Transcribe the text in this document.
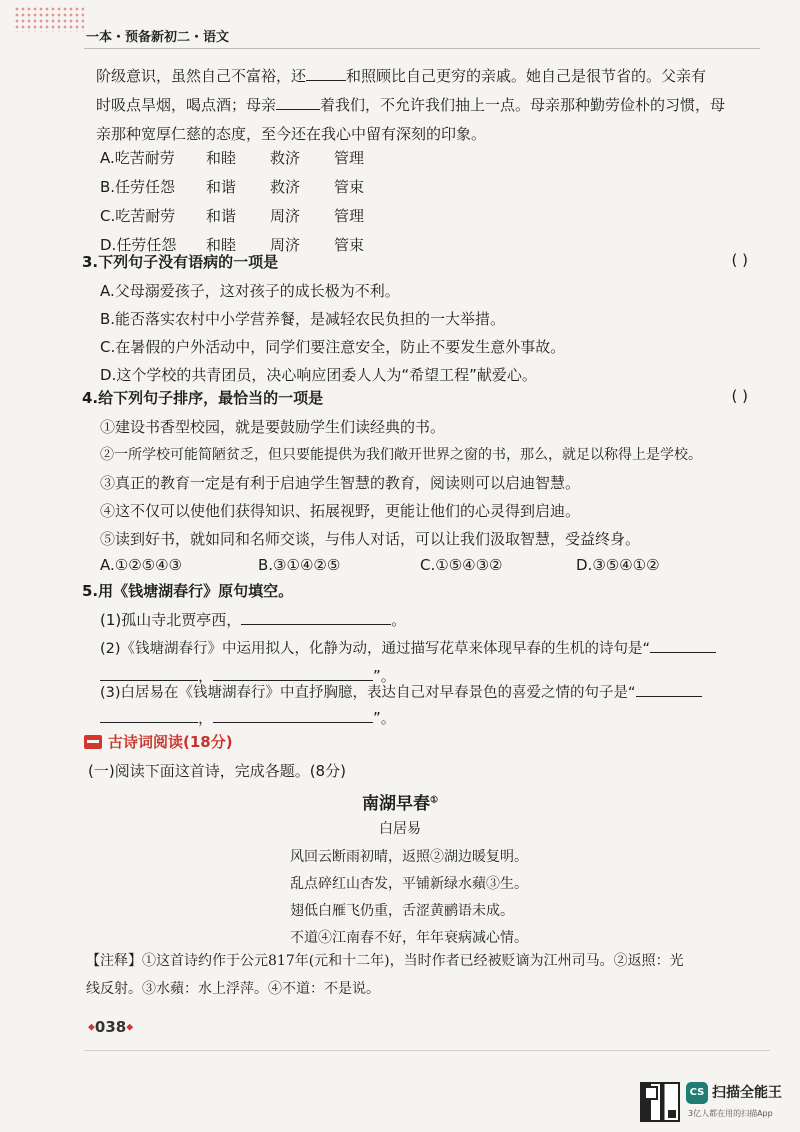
一本・预备新初二・语文
阶级意识，虽然自己不富裕，还	和照顾比自己更穷的亲戚。她自己是很节省的。父亲有
时吸点旱烟，喝点酒；母亲	着我们，不允许我们抽上一点。母亲那种勤劳俭朴的习惯，母
亲那种宽厚仁慈的态度，至今还在我心中留有深刻的印象。
A.吃苦耐劳	和睦	救济	管理
B.任劳任怨	和谐	救济	管束
C.吃苦耐劳	和谐	周济	管理
D.任劳任怨	和睦	周济	管束
3.下列句子没有语病的一项是	( )
A.父母溺爱孩子，这对孩子的成长极为不利。
B.能否落实农村中小学营养餐，是减轻农民负担的一大举措。
C.在暑假的户外活动中，同学们要注意安全，防止不要发生意外事故。
D.这个学校的共青团员，决心响应团委人人为“希望工程”献爱心。
4.给下列句子排序，最恰当的一项是	( )
①建设书香型校园，就是要鼓励学生们读经典的书。
②一所学校可能简陋贫乏，但只要能提供为我们敞开世界之窗的书，那么，就足以称得上是学校。
③真正的教育一定是有利于启迪学生智慧的教育，阅读则可以启迪智慧。
④这不仅可以使他们获得知识、拓展视野，更能让他们的心灵得到启迪。
⑤读到好书，就如同和名师交谈，与伟人对话，可以让我们汲取智慧，受益终身。
A.①②⑤④③	B.③①④②⑤	C.①⑤④③②	D.③⑤④①②
5.用《钱塘湖春行》原句填空。
(1)孤山寺北贾亭西，	。
(2)《钱塘湖春行》中运用拟人，化静为动，通过描写花草来体现早春的生机的诗句是“
，	”。
(3)白居易在《钱塘湖春行》中直抒胸臆，表达自己对早春景色的喜爱之情的句子是“
，	”。
古诗词阅读(18分)
(一)阅读下面这首诗，完成各题。(8分)
南湖早春①
白居易
风回云断雨初晴，返照②湖边暖复明。
乱点碎红山杏发，平铺新绿水蘋③生。
翅低白雁飞仍重，舌涩黄鹂语未成。
不道④江南春不好，年年衰病减心情。
【注释】①这首诗约作于公元817年(元和十二年)，当时作者已经被贬谪为江州司马。②返照：光
线反射。③水蘋：水上浮萍。④不道：不是说。
◆038◆
CS 扫描全能王
3亿人都在用的扫描App
